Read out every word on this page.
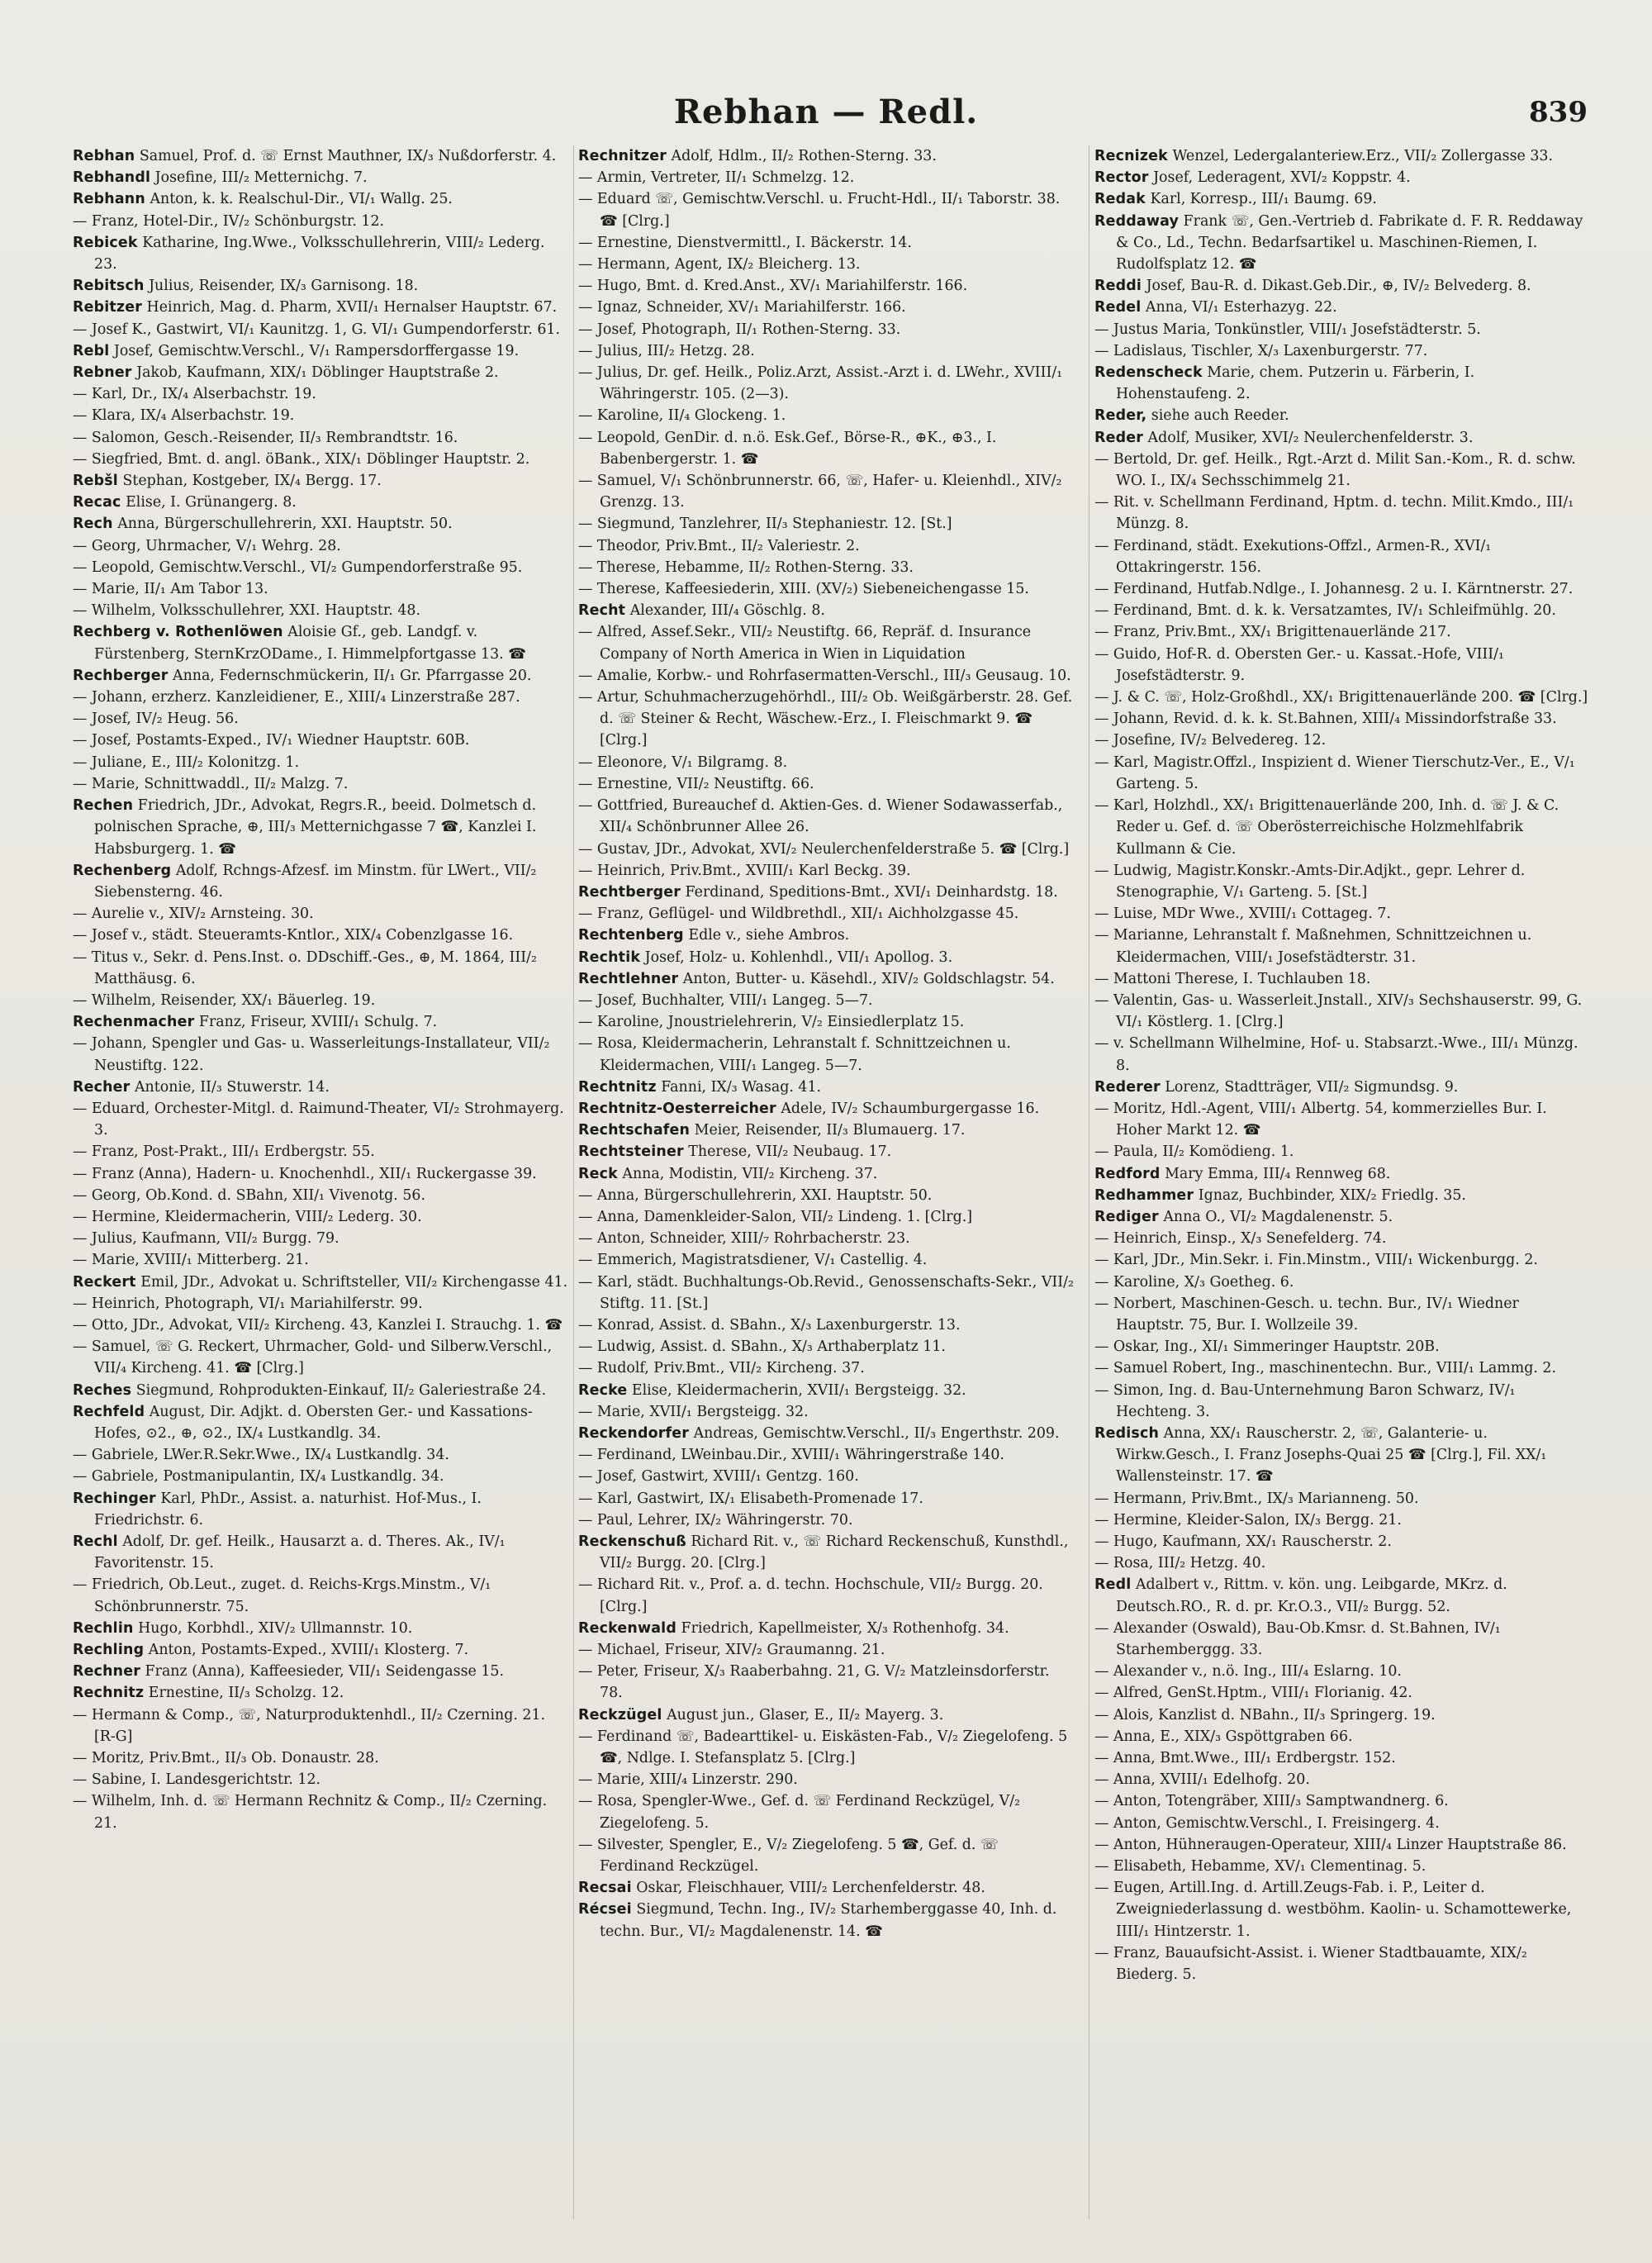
Rebhan — Redl.	839

Rebhan Samuel, Prof. d. ☏ Ernst Mauthner, IX/₃ Nußdorferstr. 4.

Rebhandl Josefine, III/₂ Metternichg. 7.

Rebhann Anton, k. k. Realschul-Dir., VI/₁ Wallg. 25.

— Franz, Hotel-Dir., IV/₂ Schönburgstr. 12.

Rebicek Katharine, Ing.Wwe., Volksschullehrerin, VIII/₂ Lederg. 23.

Rebitsch Julius, Reisender, IX/₃ Garnisong. 18.

Rebitzer Heinrich, Mag. d. Pharm, XVII/₁ Hernalser Hauptstr. 67.

— Josef K., Gastwirt, VI/₁ Kaunitzg. 1, G. VI/₁ Gumpendorferstr. 61.

Rebl Josef, Gemischtw.Verschl., V/₁ Rampersdorffergasse 19.

Rebner Jakob, Kaufmann, XIX/₁ Döblinger Hauptstraße 2.

— Karl, Dr., IX/₄ Alserbachstr. 19.

— Klara, IX/₄ Alserbachstr. 19.

— Salomon, Gesch.-Reisender, II/₃ Rembrandtstr. 16.

— Siegfried, Bmt. d. angl. öBank., XIX/₁ Döblinger Hauptstr. 2.

Rebšl Stephan, Kostgeber, IX/₄ Bergg. 17.

Recac Elise, I. Grünangerg. 8.

Rech Anna, Bürgerschullehrerin, XXI. Hauptstr. 50.

— Georg, Uhrmacher, V/₁ Wehrg. 28.

— Leopold, Gemischtw.Verschl., VI/₂ Gumpendorferstraße 95.

— Marie, II/₁ Am Tabor 13.

— Wilhelm, Volksschullehrer, XXI. Hauptstr. 48.

Rechberg v. Rothenlöwen Aloisie Gf., geb. Landgf. v. Fürstenberg, SternKrzODame., I. Himmelpfortgasse 13. ☎

Rechberger Anna, Federnschmückerin, II/₁ Gr. Pfarrgasse 20.

— Johann, erzherz. Kanzleidiener, E., XIII/₄ Linzerstraße 287.

— Josef, IV/₂ Heug. 56.

— Josef, Postamts-Exped., IV/₁ Wiedner Hauptstr. 60B.

— Juliane, E., III/₂ Kolonitzg. 1.

— Marie, Schnittwaddl., II/₂ Malzg. 7.

Rechen Friedrich, JDr., Advokat, Regrs.R., beeid. Dolmetsch d. polnischen Sprache, ⊕, III/₃ Metternichgasse 7 ☎, Kanzlei I. Habsburgerg. 1. ☎

Rechenberg Adolf, Rchngs-Afzesf. im Minstm. für LWert., VII/₂ Siebensterng. 46.

— Aurelie v., XIV/₂ Arnsteing. 30.

— Josef v., städt. Steueramts-Kntlor., XIX/₄ Cobenzlgasse 16.

— Titus v., Sekr. d. Pens.Inst. o. DDschiff.-Ges., ⊕, M. 1864, III/₂ Matthäusg. 6.

— Wilhelm, Reisender, XX/₁ Bäuerleg. 19.

Rechenmacher Franz, Friseur, XVIII/₁ Schulg. 7.

— Johann, Spengler und Gas- u. Wasserleitungs-Installateur, VII/₂ Neustiftg. 122.

Recher Antonie, II/₃ Stuwerstr. 14.

— Eduard, Orchester-Mitgl. d. Raimund-Theater, VI/₂ Strohmayerg. 3.

— Franz, Post-Prakt., III/₁ Erdbergstr. 55.

— Franz (Anna), Hadern- u. Knochenhdl., XII/₁ Ruckergasse 39.

— Georg, Ob.Kond. d. SBahn, XII/₁ Vivenotg. 56.

— Hermine, Kleidermacherin, VIII/₂ Lederg. 30.

— Julius, Kaufmann, VII/₂ Burgg. 79.

— Marie, XVIII/₁ Mitterberg. 21.

Reckert Emil, JDr., Advokat u. Schriftsteller, VII/₂ Kirchengasse 41.

— Heinrich, Photograph, VI/₁ Mariahilferstr. 99.

— Otto, JDr., Advokat, VII/₂ Kircheng. 43, Kanzlei I. Strauchg. 1. ☎

— Samuel, ☏ G. Reckert, Uhrmacher, Gold- und Silberw.Verschl., VII/₄ Kircheng. 41. ☎ [Clrg.]

Reches Siegmund, Rohprodukten-Einkauf, II/₂ Galeriestraße 24.

Rechfeld August, Dir. Adjkt. d. Obersten Ger.- und Kassations-Hofes, ⊙2., ⊕, ⊙2., IX/₄ Lustkandlg. 34.

— Gabriele, LWer.R.Sekr.Wwe., IX/₄ Lustkandlg. 34.

— Gabriele, Postmanipulantin, IX/₄ Lustkandlg. 34.

Rechinger Karl, PhDr., Assist. a. naturhist. Hof-Mus., I. Friedrichstr. 6.

Rechl Adolf, Dr. gef. Heilk., Hausarzt a. d. Theres. Ak., IV/₁ Favoritenstr. 15.

— Friedrich, Ob.Leut., zuget. d. Reichs-Krgs.Minstm., V/₁ Schönbrunnerstr. 75.

Rechlin Hugo, Korbhdl., XIV/₂ Ullmannstr. 10.

Rechling Anton, Postamts-Exped., XVIII/₁ Klosterg. 7.

Rechner Franz (Anna), Kaffeesieder, VII/₁ Seidengasse 15.

Rechnitz Ernestine, II/₃ Scholzg. 12.

— Hermann & Comp., ☏, Naturproduktenhdl., II/₂ Czerning. 21. [R-G]

— Moritz, Priv.Bmt., II/₃ Ob. Donaustr. 28.

— Sabine, I. Landesgerichtstr. 12.

— Wilhelm, Inh. d. ☏ Hermann Rechnitz & Comp., II/₂ Czerning. 21.

Rechnitzer Adolf, Hdlm., II/₂ Rothen-Sterng. 33.

— Armin, Vertreter, II/₁ Schmelzg. 12.

— Eduard ☏, Gemischtw.Verschl. u. Frucht-Hdl., II/₁ Taborstr. 38. ☎ [Clrg.]

— Ernestine, Dienstvermittl., I. Bäckerstr. 14.

— Hermann, Agent, IX/₂ Bleicherg. 13.

— Hugo, Bmt. d. Kred.Anst., XV/₁ Mariahilferstr. 166.

— Ignaz, Schneider, XV/₁ Mariahilferstr. 166.

— Josef, Photograph, II/₁ Rothen-Sterng. 33.

— Julius, III/₂ Hetzg. 28.

— Julius, Dr. gef. Heilk., Poliz.Arzt, Assist.-Arzt i. d. LWehr., XVIII/₁ Währingerstr. 105. (2—3).

— Karoline, II/₄ Glockeng. 1.

— Leopold, GenDir. d. n.ö. Esk.Gef., Börse-R., ⊕K., ⊕3., I. Babenbergerstr. 1. ☎

— Samuel, V/₁ Schönbrunnerstr. 66, ☏, Hafer- u. Kleienhdl., XIV/₂ Grenzg. 13.

— Siegmund, Tanzlehrer, II/₃ Stephaniestr. 12. [St.]

— Theodor, Priv.Bmt., II/₂ Valeriestr. 2.

— Therese, Hebamme, II/₂ Rothen-Sterng. 33.

— Therese, Kaffeesiederin, XIII. (XV/₂) Siebeneichengasse 15.

Recht Alexander, III/₄ Göschlg. 8.

— Alfred, Assef.Sekr., VII/₂ Neustiftg. 66, Repräf. d. Insurance Company of North America in Wien in Liquidation

— Amalie, Korbw.- und Rohrfasermatten-Verschl., III/₃ Geusaug. 10.

— Artur, Schuhmacherzugehörhdl., III/₂ Ob. Weißgärberstr. 28. Gef. d. ☏ Steiner & Recht, Wäschew.-Erz., I. Fleischmarkt 9. ☎ [Clrg.]

— Eleonore, V/₁ Bilgramg. 8.

— Ernestine, VII/₂ Neustiftg. 66.

— Gottfried, Bureauchef d. Aktien-Ges. d. Wiener Sodawasserfab., XII/₄ Schönbrunner Allee 26.

— Gustav, JDr., Advokat, XVI/₂ Neulerchenfelderstraße 5. ☎ [Clrg.]

— Heinrich, Priv.Bmt., XVIII/₁ Karl Beckg. 39.

Rechtberger Ferdinand, Speditions-Bmt., XVI/₁ Deinhardstg. 18.

— Franz, Geflügel- und Wildbrethdl., XII/₁ Aichholzgasse 45.

Rechtenberg Edle v., siehe Ambros.

Rechtik Josef, Holz- u. Kohlenhdl., VII/₁ Apollog. 3.

Rechtlehner Anton, Butter- u. Käsehdl., XIV/₂ Goldschlagstr. 54.

— Josef, Buchhalter, VIII/₁ Langeg. 5—7.

— Karoline, Jnoustrielehrerin, V/₂ Einsiedlerplatz 15.

— Rosa, Kleidermacherin, Lehranstalt f. Schnittzeichnen u. Kleidermachen, VIII/₁ Langeg. 5—7.

Rechtnitz Fanni, IX/₃ Wasag. 41.

Rechtnitz-Oesterreicher Adele, IV/₂ Schaumburgergasse 16.

Rechtschafen Meier, Reisender, II/₃ Blumauerg. 17.

Rechtsteiner Therese, VII/₂ Neubaug. 17.

Reck Anna, Modistin, VII/₂ Kircheng. 37.

— Anna, Bürgerschullehrerin, XXI. Hauptstr. 50.

— Anna, Damenkleider-Salon, VII/₂ Lindeng. 1. [Clrg.]

— Anton, Schneider, XIII/₇ Rohrbacherstr. 23.

— Emmerich, Magistratsdiener, V/₁ Castellig. 4.

— Karl, städt. Buchhaltungs-Ob.Revid., Genossenschafts-Sekr., VII/₂ Stiftg. 11. [St.]

— Konrad, Assist. d. SBahn., X/₃ Laxenburgerstr. 13.

— Ludwig, Assist. d. SBahn., X/₃ Arthaberplatz 11.

— Rudolf, Priv.Bmt., VII/₂ Kircheng. 37.

Recke Elise, Kleidermacherin, XVII/₁ Bergsteigg. 32.

— Marie, XVII/₁ Bergsteigg. 32.

Reckendorfer Andreas, Gemischtw.Verschl., II/₃ Engerthstr. 209.

— Ferdinand, LWeinbau.Dir., XVIII/₁ Währingerstraße 140.

— Josef, Gastwirt, XVIII/₁ Gentzg. 160.

— Karl, Gastwirt, IX/₁ Elisabeth-Promenade 17.

— Paul, Lehrer, IX/₂ Währingerstr. 70.

Reckenschuß Richard Rit. v., ☏ Richard Reckenschuß, Kunsthdl., VII/₂ Burgg. 20. [Clrg.]

— Richard Rit. v., Prof. a. d. techn. Hochschule, VII/₂ Burgg. 20. [Clrg.]

Reckenwald Friedrich, Kapellmeister, X/₃ Rothenhofg. 34.

— Michael, Friseur, XIV/₂ Graumanng. 21.

— Peter, Friseur, X/₃ Raaberbahng. 21, G. V/₂ Matzleinsdorferstr. 78.

Reckzügel August jun., Glaser, E., II/₂ Mayerg. 3.

— Ferdinand ☏, Badearttikel- u. Eiskästen-Fab., V/₂ Ziegelofeng. 5 ☎, Ndlge. I. Stefansplatz 5. [Clrg.]

— Marie, XIII/₄ Linzerstr. 290.

— Rosa, Spengler-Wwe., Gef. d. ☏ Ferdinand Reckzügel, V/₂ Ziegelofeng. 5.

— Silvester, Spengler, E., V/₂ Ziegelofeng. 5 ☎, Gef. d. ☏ Ferdinand Reckzügel.

Recsai Oskar, Fleischhauer, VIII/₂ Lerchenfelderstr. 48.

Récsei Siegmund, Techn. Ing., IV/₂ Starhemberggasse 40, Inh. d. techn. Bur., VI/₂ Magdalenenstr. 14. ☎

Recnizek Wenzel, Ledergalanteriew.Erz., VII/₂ Zollergasse 33.

Rector Josef, Lederagent, XVI/₂ Koppstr. 4.

Redak Karl, Korresp., III/₁ Baumg. 69.

Reddaway Frank ☏, Gen.-Vertrieb d. Fabrikate d. F. R. Reddaway & Co., Ld., Techn. Bedarfsartikel u. Maschinen-Riemen, I. Rudolfsplatz 12. ☎

Reddi Josef, Bau-R. d. Dikast.Geb.Dir., ⊕, IV/₂ Belvederg. 8.

Redel Anna, VI/₁ Esterhazyg. 22.

— Justus Maria, Tonkünstler, VIII/₁ Josefstädterstr. 5.

— Ladislaus, Tischler, X/₃ Laxenburgerstr. 77.

Redenscheck Marie, chem. Putzerin u. Färberin, I. Hohenstaufeng. 2.

Reder, siehe auch Reeder.

Reder Adolf, Musiker, XVI/₂ Neulerchenfelderstr. 3.

— Bertold, Dr. gef. Heilk., Rgt.-Arzt d. Milit San.-Kom., R. d. schw. WO. I., IX/₄ Sechsschimmelg 21.

— Rit. v. Schellmann Ferdinand, Hptm. d. techn. Milit.Kmdo., III/₁ Münzg. 8.

— Ferdinand, städt. Exekutions-Offzl., Armen-R., XVI/₁ Ottakringerstr. 156.

— Ferdinand, Hutfab.Ndlge., I. Johannesg. 2 u. I. Kärntnerstr. 27.

— Ferdinand, Bmt. d. k. k. Versatzamtes, IV/₁ Schleifmühlg. 20.

— Franz, Priv.Bmt., XX/₁ Brigittenauerlände 217.

— Guido, Hof-R. d. Obersten Ger.- u. Kassat.-Hofe, VIII/₁ Josefstädterstr. 9.

— J. & C. ☏, Holz-Großhdl., XX/₁ Brigittenauerlände 200. ☎ [Clrg.]

— Johann, Revid. d. k. k. St.Bahnen, XIII/₄ Missindorfstraße 33.

— Josefine, IV/₂ Belvedereg. 12.

— Karl, Magistr.Offzl., Inspizient d. Wiener Tierschutz-Ver., E., V/₁ Garteng. 5.

— Karl, Holzhdl., XX/₁ Brigittenauerlände 200, Inh. d. ☏ J. & C. Reder u. Gef. d. ☏ Oberösterreichische Holzmehlfabrik Kullmann & Cie.

— Ludwig, Magistr.Konskr.-Amts-Dir.Adjkt., gepr. Lehrer d. Stenographie, V/₁ Garteng. 5. [St.]

— Luise, MDr Wwe., XVIII/₁ Cottageg. 7.

— Marianne, Lehranstalt f. Maßnehmen, Schnittzeichnen u. Kleidermachen, VIII/₁ Josefstädterstr. 31.

— Mattoni Therese, I. Tuchlauben 18.

— Valentin, Gas- u. Wasserleit.Jnstall., XIV/₃ Sechshauserstr. 99, G. VI/₁ Köstlerg. 1. [Clrg.]

— v. Schellmann Wilhelmine, Hof- u. Stabsarzt.-Wwe., III/₁ Münzg. 8.

Rederer Lorenz, Stadtträger, VII/₂ Sigmundsg. 9.

— Moritz, Hdl.-Agent, VIII/₁ Albertg. 54, kommerzielles Bur. I. Hoher Markt 12. ☎

— Paula, II/₂ Komödieng. 1.

Redford Mary Emma, III/₄ Rennweg 68.

Redhammer Ignaz, Buchbinder, XIX/₂ Friedlg. 35.

Rediger Anna O., VI/₂ Magdalenenstr. 5.

— Heinrich, Einsp., X/₃ Senefelderg. 74.

— Karl, JDr., Min.Sekr. i. Fin.Minstm., VIII/₁ Wickenburgg. 2.

— Karoline, X/₃ Goetheg. 6.

— Norbert, Maschinen-Gesch. u. techn. Bur., IV/₁ Wiedner Hauptstr. 75, Bur. I. Wollzeile 39.

— Oskar, Ing., XI/₁ Simmeringer Hauptstr. 20B.

— Samuel Robert, Ing., maschinentechn. Bur., VIII/₁ Lammg. 2.

— Simon, Ing. d. Bau-Unternehmung Baron Schwarz, IV/₁ Hechteng. 3.

Redisch Anna, XX/₁ Rauscherstr. 2, ☏, Galanterie- u. Wirkw.Gesch., I. Franz Josephs-Quai 25 ☎ [Clrg.], Fil. XX/₁ Wallensteinstr. 17. ☎

— Hermann, Priv.Bmt., IX/₃ Marianneng. 50.

— Hermine, Kleider-Salon, IX/₃ Bergg. 21.

— Hugo, Kaufmann, XX/₁ Rauscherstr. 2.

— Rosa, III/₂ Hetzg. 40.

Redl Adalbert v., Rittm. v. kön. ung. Leibgarde, MKrz. d. Deutsch.RO., R. d. pr. Kr.O.3., VII/₂ Burgg. 52.

— Alexander (Oswald), Bau-Ob.Kmsr. d. St.Bahnen, IV/₁ Starhemberggg. 33.

— Alexander v., n.ö. Ing., III/₄ Eslarng. 10.

— Alfred, GenSt.Hptm., VIII/₁ Florianig. 42.

— Alois, Kanzlist d. NBahn., II/₃ Springerg. 19.

— Anna, E., XIX/₃ Gspöttgraben 66.

— Anna, Bmt.Wwe., III/₁ Erdbergstr. 152.

— Anna, XVIII/₁ Edelhofg. 20.

— Anton, Totengräber, XIII/₃ Samptwandnerg. 6.

— Anton, Gemischtw.Verschl., I. Freisingerg. 4.

— Anton, Hühneraugen-Operateur, XIII/₄ Linzer Hauptstraße 86.

— Elisabeth, Hebamme, XV/₁ Clementinag. 5.

— Eugen, Artill.Ing. d. Artill.Zeugs-Fab. i. P., Leiter d. Zweigniederlassung d. westböhm. Kaolin- u. Schamottewerke, IIII/₁ Hintzerstr. 1.

— Franz, Bauaufsicht-Assist. i. Wiener Stadtbauamte, XIX/₂ Biederg. 5.
